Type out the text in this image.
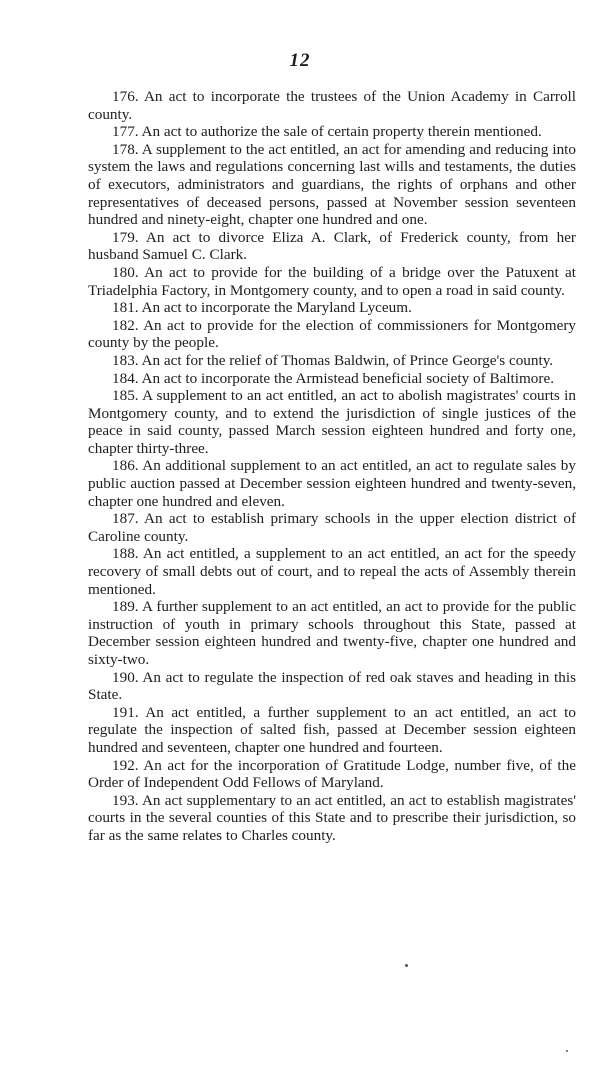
12

176. An act to incorporate the trustees of the Union Academy in Carroll county.

177. An act to authorize the sale of certain property therein mentioned.

178. A supplement to the act entitled, an act for amending and reducing into system the laws and regulations concerning last wills and testaments, the duties of executors, administrators and guardians, the rights of orphans and other representatives of deceased persons, passed at November session seventeen hundred and ninety-eight, chapter one hundred and one.

179. An act to divorce Eliza A. Clark, of Frederick county, from her husband Samuel C. Clark.

180. An act to provide for the building of a bridge over the Patuxent at Triadelphia Factory, in Montgomery county, and to open a road in said county.

181. An act to incorporate the Maryland Lyceum.

182. An act to provide for the election of commissioners for Montgomery county by the people.

183. An act for the relief of Thomas Baldwin, of Prince George's county.

184. An act to incorporate the Armistead beneficial society of Baltimore.

185. A supplement to an act entitled, an act to abolish magistrates' courts in Montgomery county, and to extend the jurisdiction of single justices of the peace in said county, passed March session eighteen hundred and forty one, chapter thirty-three.

186. An additional supplement to an act entitled, an act to regulate sales by public auction passed at December session eighteen hundred and twenty-seven, chapter one hundred and eleven.

187. An act to establish primary schools in the upper election district of Caroline county.

188. An act entitled, a supplement to an act entitled, an act for the speedy recovery of small debts out of court, and to repeal the acts of Assembly therein mentioned.

189. A further supplement to an act entitled, an act to provide for the public instruction of youth in primary schools throughout this State, passed at December session eighteen hundred and twenty-five, chapter one hundred and sixty-two.

190. An act to regulate the inspection of red oak staves and heading in this State.

191. An act entitled, a further supplement to an act entitled, an act to regulate the inspection of salted fish, passed at December session eighteen hundred and seventeen, chapter one hundred and fourteen.

192. An act for the incorporation of Gratitude Lodge, number five, of the Order of Independent Odd Fellows of Maryland.

193. An act supplementary to an act entitled, an act to establish magistrates' courts in the several counties of this State and to prescribe their jurisdiction, so far as the same relates to Charles county.
